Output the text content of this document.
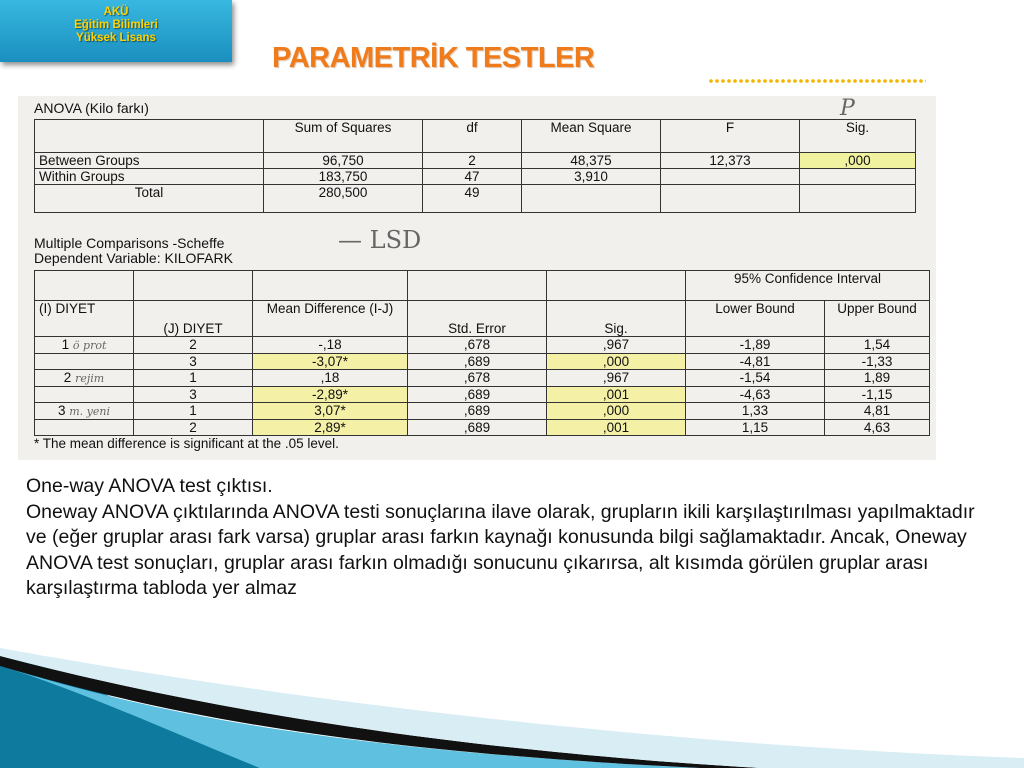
AKÜ
Eğitim Bilimleri
Yüksek Lisans
PARAMETRİK TESTLER
ANOVA (Kilo farkı)	P
	Sum of Squares	df	Mean Square	F	Sig.
Between Groups	96,750	2	48,375	12,373	,000
Within Groups	183,750	47	3,910		
Total	280,500	49			
Multiple Comparisons -Scheffe
Dependent Variable: KILOFARK
— LSD
					95% Confidence Interval	
(I) DIYET	(J) DIYET	Mean Difference (I-J)	Std. Error	Sig.	Lower Bound	Upper Bound
1 ö prot	2	-,18	,678	,967	-1,89	1,54
	3	-3,07*	,689	,000	-4,81	-1,33
2 rejim	1	,18	,678	,967	-1,54	1,89
	3	-2,89*	,689	,001	-4,63	-1,15
3 m. yeni	1	3,07*	,689	,000	1,33	4,81
	2	2,89*	,689	,001	1,15	4,63
* The mean difference is significant at the .05 level.
One-way ANOVA test çıktısı.
Oneway ANOVA çıktılarında ANOVA testi sonuçlarına ilave olarak, grupların ikili karşılaştırılması yapılmaktadır ve (eğer gruplar arası fark varsa) gruplar arası farkın kaynağı konusunda bilgi sağlamaktadır. Ancak, Oneway ANOVA test sonuçları, gruplar arası farkın olmadığı sonucunu çıkarırsa, alt kısımda görülen gruplar arası karşılaştırma tabloda yer almaz
